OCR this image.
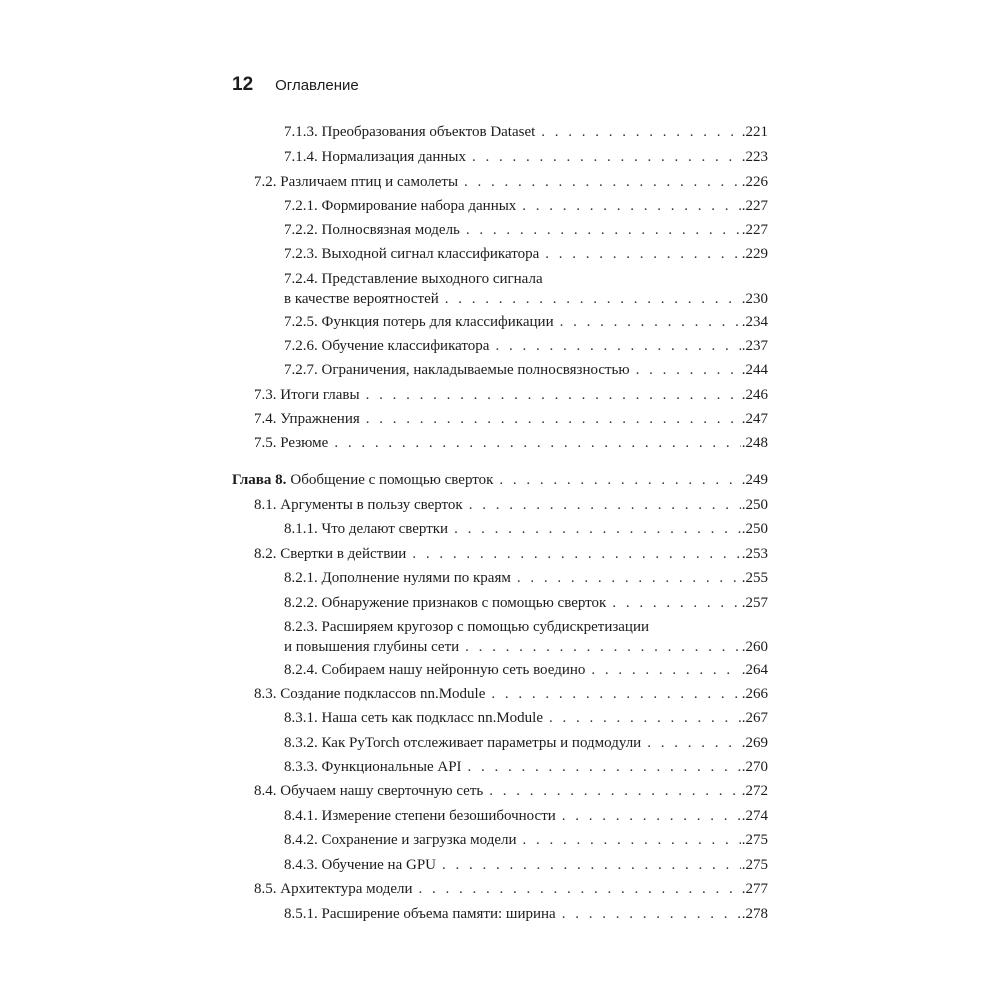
12 Оглавление
7.1.3. Преобразования объектов Dataset . . .	.221
7.1.4. Нормализация данных . . .	.223
7.2. Различаем птиц и самолеты . . .	.226
7.2.1. Формирование набора данных . . .	.227
7.2.2. Полносвязная модель . . .	.227
7.2.3. Выходной сигнал классификатора . . .	.229
7.2.4. Представление выходного сигнала
в качестве вероятностей . . .	.230
7.2.5. Функция потерь для классификации . . .	.234
7.2.6. Обучение классификатора . . .	.237
7.2.7. Ограничения, накладываемые полносвязностью . . .	.244
7.3. Итоги главы . . .	.246
7.4. Упражнения . . .	.247
7.5. Резюме . . .	.248
Глава 8. Обобщение с помощью сверток . . .	.249
8.1. Аргументы в пользу сверток . . .	.250
8.1.1. Что делают свертки . . .	.250
8.2. Свертки в действии . . .	.253
8.2.1. Дополнение нулями по краям . . .	.255
8.2.2. Обнаружение признаков с помощью сверток . . .	.257
8.2.3. Расширяем кругозор с помощью субдискретизации
и повышения глубины сети . . .	.260
8.2.4. Собираем нашу нейронную сеть воедино . . .	.264
8.3. Создание подклассов nn.Module . . .	.266
8.3.1. Наша сеть как подкласс nn.Module . . .	.267
8.3.2. Как PyTorch отслеживает параметры и подмодули . . .	.269
8.3.3. Функциональные API . . .	.270
8.4. Обучаем нашу сверточную сеть . . .	.272
8.4.1. Измерение степени безошибочности . . .	.274
8.4.2. Сохранение и загрузка модели . . .	.275
8.4.3. Обучение на GPU . . .	.275
8.5. Архитектура модели . . .	.277
8.5.1. Расширение объема памяти: ширина . . .	.278
